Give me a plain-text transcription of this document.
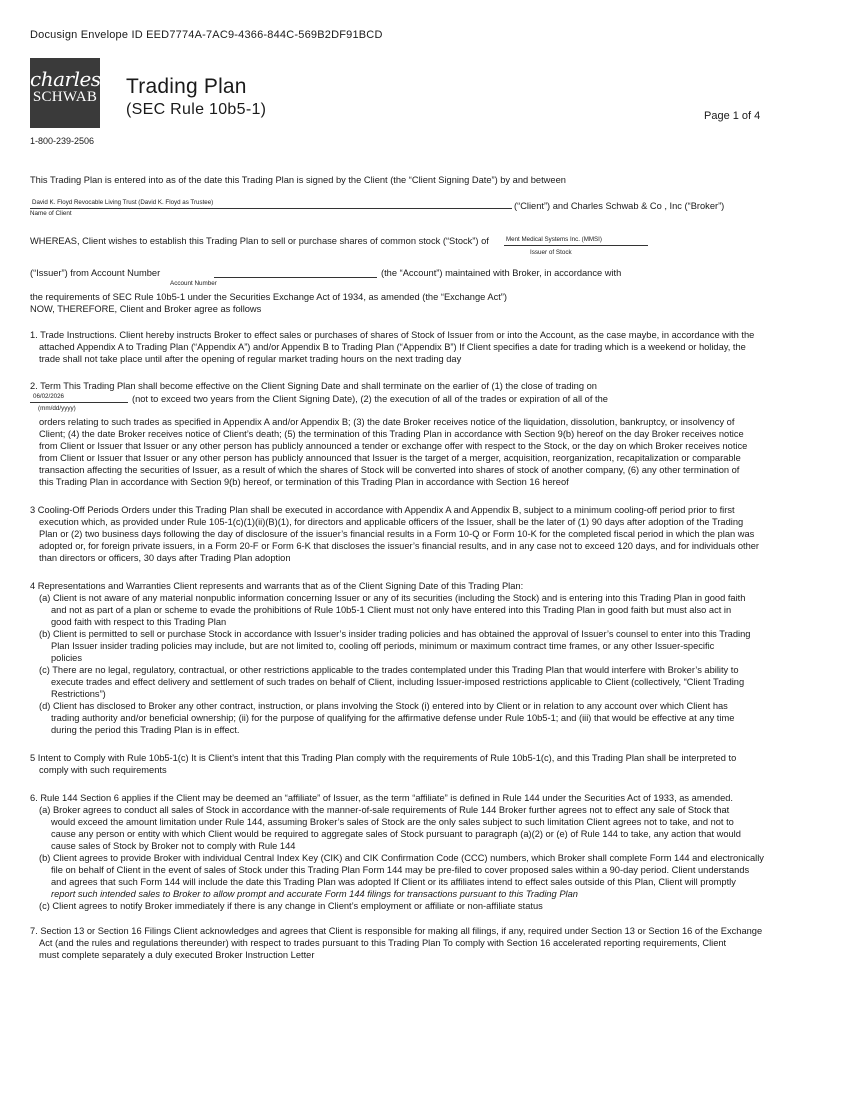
Docusign Envelope ID EED7774A-7AC9-4366-844C-569B2DF91BCD
charles
SCHWAB Trading Plan
(SEC Rule 10b5-1)	Page 1 of 4
1-800-239-2506
This Trading Plan is entered into as of the date this Trading Plan is signed by the Client (the “Client Signing Date”) by and between
David K. Floyd Revocable Living Trust (David K. Floyd as Trustee)	(“Client”) and Charles Schwab & Co , Inc (“Broker”)
Name of Client
WHEREAS, Client wishes to establish this Trading Plan to sell or purchase shares of common stock (“Stock”) of	Ment Medical Systems Inc. (MMSI)
Issuer of Stock
(“Issuer”) from Account Number	(the “Account”) maintained with Broker, in accordance with
Account Number
the requirements of SEC Rule 10b5-1 under the Securities Exchange Act of 1934, as amended (the “Exchange Act”)
NOW, THEREFORE, Client and Broker agree as follows
1. Trade Instructions. Client hereby instructs Broker to effect sales or purchases of shares of Stock of Issuer from or into the Account, as the case maybe, in accordance with the
attached Appendix A to Trading Plan (“Appendix A”) and/or Appendix B to Trading Plan (“Appendix B”) If Client specifies a date for trading which is a weekend or holiday, the
trade shall not take place until after the opening of regular market trading hours on the next trading day
2. Term This Trading Plan shall become effective on the Client Signing Date and shall terminate on the earlier of (1) the close of trading on
06/02/2026	(not to exceed two years from the Client Signing Date), (2) the execution of all of the trades or expiration of all of the
(mm/dd/yyyy)
orders relating to such trades as specified in Appendix A and/or Appendix B; (3) the date Broker receives notice of the liquidation, dissolution, bankruptcy, or insolvency of
Client; (4) the date Broker receives notice of Client’s death; (5) the termination of this Trading Plan in accordance with Section 9(b) hereof on the day Broker receives notice
from Client or Issuer that Issuer or any other person has publicly announced a tender or exchange offer with respect to the Stock, or the day on which Broker receives notice
from Client or Issuer that Issuer or any other person has publicly announced that Issuer is the target of a merger, acquisition, reorganization, recapitalization or comparable
transaction affecting the securities of Issuer, as a result of which the shares of Stock will be converted into shares of stock of another company, (6) any other termination of
this Trading Plan in accordance with Section 9(b) hereof, or termination of this Trading Plan in accordance with Section 16 hereof
3 Cooling-Off Periods Orders under this Trading Plan shall be executed in accordance with Appendix A and Appendix B, subject to a minimum cooling-off period prior to first
execution which, as provided under Rule 105-1(c)(1)(ii)(B)(1), for directors and applicable officers of the Issuer, shall be the later of (1) 90 days after adoption of the Trading
Plan or (2) two business days following the day of disclosure of the issuer’s financial results in a Form 10-Q or Form 10-K for the completed fiscal period in which the plan was
adopted or, for foreign private issuers, in a Form 20-F or Form 6-K that discloses the issuer’s financial results, and in any case not to exceed 120 days, and for individuals other
than directors or officers, 30 days after Trading Plan adoption
4 Representations and Warranties Client represents and warrants that as of the Client Signing Date of this Trading Plan:
(a) Client is not aware of any material nonpublic information concerning Issuer or any of its securities (including the Stock) and is entering into this Trading Plan in good faith
and not as part of a plan or scheme to evade the prohibitions of Rule 10b5-1 Client must not only have entered into this Trading Plan in good faith but must also act in
good faith with respect to this Trading Plan
(b) Client is permitted to sell or purchase Stock in accordance with Issuer’s insider trading policies and has obtained the approval of Issuer’s counsel to enter into this Trading
Plan Issuer insider trading policies may include, but are not limited to, cooling off periods, minimum or maximum contract time frames, or any other Issuer-specific
policies
(c) There are no legal, regulatory, contractual, or other restrictions applicable to the trades contemplated under this Trading Plan that would interfere with Broker’s ability to
execute trades and effect delivery and settlement of such trades on behalf of Client, including Issuer-imposed restrictions applicable to Client (collectively, “Client Trading
Restrictions”)
(d) Client has disclosed to Broker any other contract, instruction, or plans involving the Stock (i) entered into by Client or in relation to any account over which Client has
trading authority and/or beneficial ownership; (ii) for the purpose of qualifying for the affirmative defense under Rule 10b5-1; and (iii) that would be effective at any time
during the period this Trading Plan is in effect.
5 Intent to Comply with Rule 10b5-1(c) It is Client’s intent that this Trading Plan comply with the requirements of Rule 10b5-1(c), and this Trading Plan shall be interpreted to
comply with such requirements
6. Rule 144 Section 6 applies if the Client may be deemed an “affiliate” of Issuer, as the term “affiliate” is defined in Rule 144 under the Securities Act of 1933, as amended.
(a) Broker agrees to conduct all sales of Stock in accordance with the manner-of-sale requirements of Rule 144 Broker further agrees not to effect any sale of Stock that
would exceed the amount limitation under Rule 144, assuming Broker’s sales of Stock are the only sales subject to such limitation Client agrees not to take, and not to
cause any person or entity with which Client would be required to aggregate sales of Stock pursuant to paragraph (a)(2) or (e) of Rule 144 to take, any action that would
cause sales of Stock by Broker not to comply with Rule 144
(b) Client agrees to provide Broker with individual Central Index Key (CIK) and CIK Confirmation Code (CCC) numbers, which Broker shall complete Form 144 and electronically
file on behalf of Client in the event of sales of Stock under this Trading Plan Form 144 may be pre-filed to cover proposed sales within a 90-day period. Client understands
and agrees that such Form 144 will include the date this Trading Plan was adopted If Client or its affiliates intend to effect sales outside of this Plan, Client will promptly
report such intended sales to Broker to allow prompt and accurate Form 144 filings for transactions pursuant to this Trading Plan
(c) Client agrees to notify Broker immediately if there is any change in Client’s employment or affiliate or non-affiliate status
7. Section 13 or Section 16 Filings Client acknowledges and agrees that Client is responsible for making all filings, if any, required under Section 13 or Section 16 of the Exchange
Act (and the rules and regulations thereunder) with respect to trades pursuant to this Trading Plan To comply with Section 16 accelerated reporting requirements, Client
must complete separately a duly executed Broker Instruction Letter
